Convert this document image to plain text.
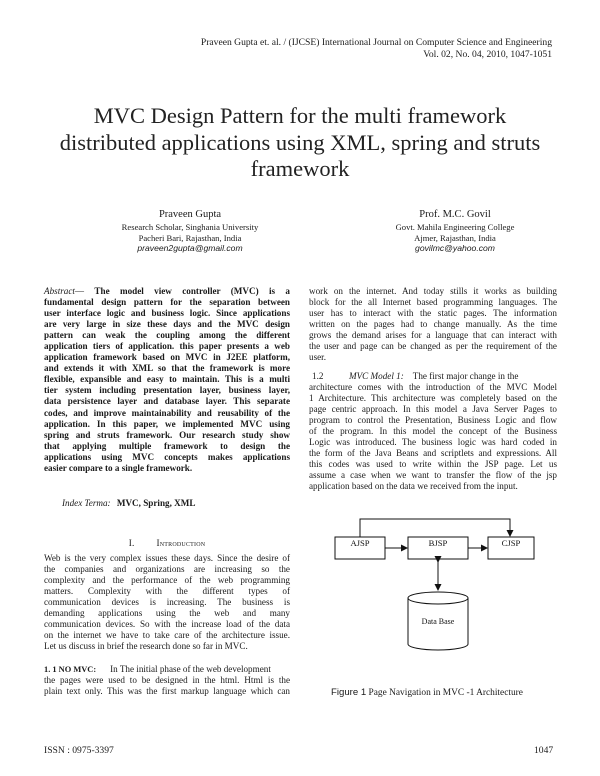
Praveen Gupta et. al. / (IJCSE) International Journal on Computer Science and Engineering
Vol. 02, No. 04, 2010, 1047-1051
MVC Design Pattern for the multi framework
distributed applications using XML, spring and struts
framework
Praveen Gupta
Research Scholar, Singhania University
Pacheri Bari, Rajasthan, India
praveen2gupta@gmail.com
Prof. M.C. Govil
Govt. Mahila Engineering College
Ajmer, Rajasthan, India
govilmc@yahoo.com
Abstract— The model view controller (MVC) is a
fundamental design pattern for the separation between
user interface logic and business logic. Since applications
are very large in size these days and the MVC design
pattern can weak the coupling among the different
application tiers of application. this paper presents a web
application framework based on MVC in J2EE platform,
and extends it with XML so that the framework is more
flexible, expansible and easy to maintain. This is a multi
tier system including presentation layer, business layer,
data persistence layer and database layer. This separate
codes, and improve maintainability and reusability of the
application. In this paper, we implemented MVC using
spring and struts framework. Our research study show
that applying multiple framework to design the
applications using MVC concepts makes applications
easier compare to a single framework.
Index Terma: MVC, Spring, XML
I. Introduction
Web is the very complex issues these days. Since the desire of
the companies and organizations are increasing so the
complexity and the performance of the web programming
matters. Complexity with the different types of
communication devices is increasing. The business is
demanding applications using the web and many
communication devices. So with the increase load of the data
on the internet we have to take care of the architecture issue.
Let us discuss in brief the research done so far in MVC.
1. 1 NO MVC: In The initial phase of the web development
the pages were used to be designed in the html. Html is the
plain text only. This was the first markup language which can
work on the internet. And today stills it works as building
block for the all Internet based programming languages. The
user has to interact with the static pages. The information
written on the pages had to change manually. As the time
grows the demand arises for a language that can interact with
the user and page can be changed as per the requirement of the
user.
1.2	MVC Model 1: The first major change in the
architecture comes with the introduction of the MVC Model
1 Architecture. This architecture was completely based on the
page centric approach. In this model a Java Server Pages to
program to control the Presentation, Business Logic and flow
of the program. In this model the concept of the Business
Logic was introduced. The business logic was hard coded in
the form of the Java Beans and scriptlets and expressions. All
this codes was used to write within the JSP page. Let us
assume a case when we want to transfer the flow of the jsp
application based on the data we received from the input.
AJSP	BJSP	CJSP
Data Base
Figure 1 Page Navigation in MVC -1 Architecture
ISSN : 0975-3397	1047
